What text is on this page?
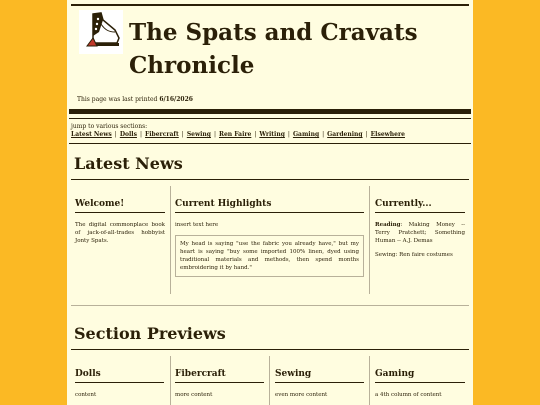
The Spats and Cravats Chronicle
This page was last printed 6/16/2026
jump to various sections:
Latest News | Dolls | Fibercraft | Sewing | Ren Faire | Writing | Gaming | Gardening | Elsewhere
Latest News
Welcome!

The digital commonplace book of jack-of-all-trades hobbyist Jonty Spats.

Current Highlights

insert text here

My head is saying "use the fabric you already have," but my heart is saying "buy some imported 100% linen, dyed using traditional materials and methods, then spend months embroidering it by hand."
Currently...

Reading: Making Money -- Terry Pratchett; Something Human -- A.J. Demas

Sewing: Ren faire costumes

Section Previews
Dolls

content

Fibercraft

more content

Sewing

even more content

Gaming

a 4th column of content
